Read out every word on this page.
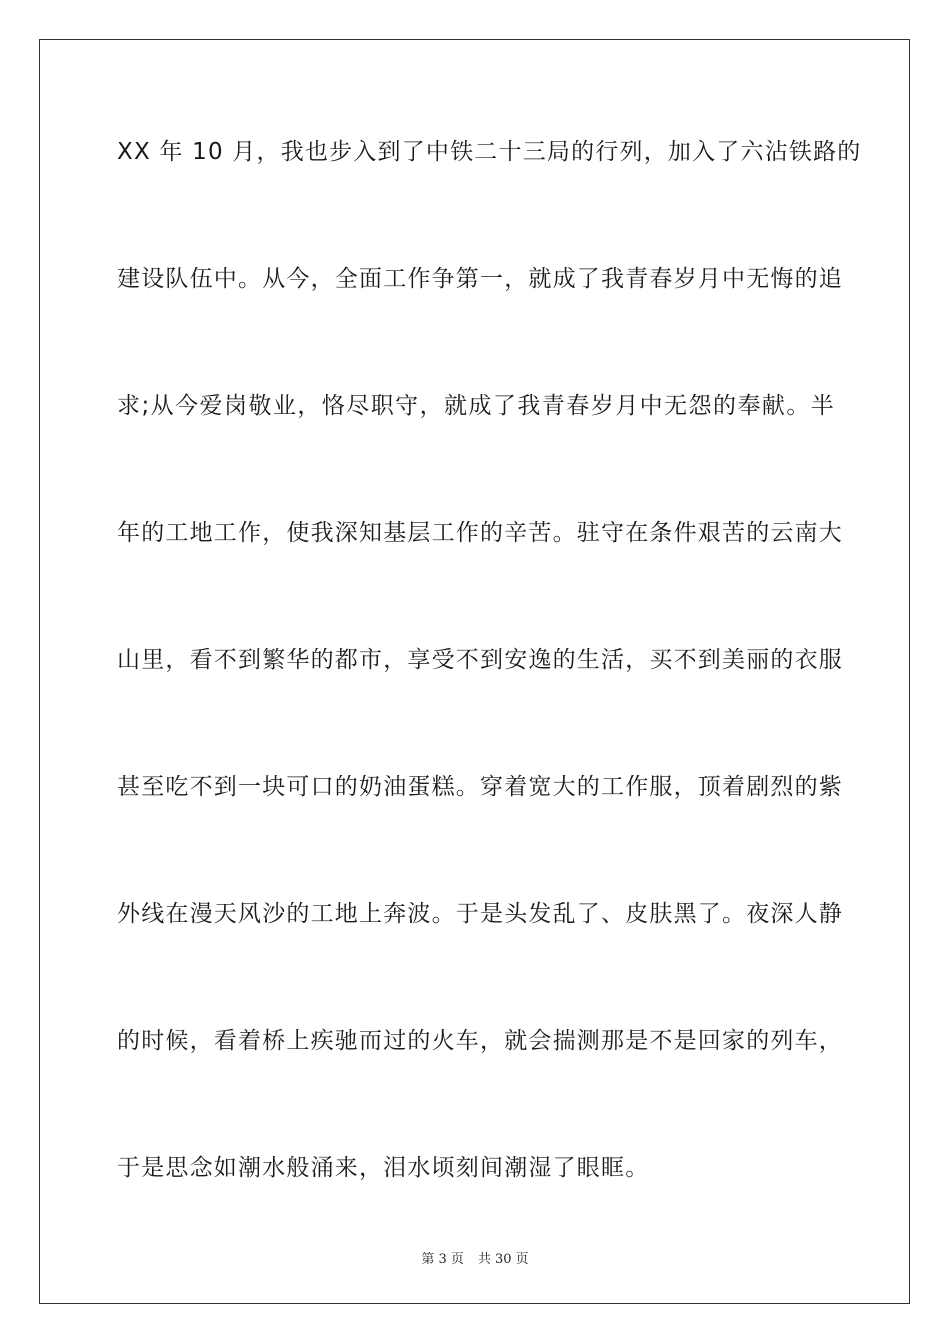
XX 年 10 月，我也步入到了中铁二十三局的行列，加入了六沾铁路的
建设队伍中。从今，全面工作争第一，就成了我青春岁月中无悔的追
求;从今爱岗敬业，恪尽职守，就成了我青春岁月中无怨的奉献。半
年的工地工作，使我深知基层工作的辛苦。驻守在条件艰苦的云南大
山里，看不到繁华的都市，享受不到安逸的生活，买不到美丽的衣服
甚至吃不到一块可口的奶油蛋糕。穿着宽大的工作服，顶着剧烈的紫
外线在漫天风沙的工地上奔波。于是头发乱了、皮肤黑了。夜深人静
的时候，看着桥上疾驰而过的火车，就会揣测那是不是回家的列车，
于是思念如潮水般涌来，泪水顷刻间潮湿了眼眶。
第 3 页 共 30 页
